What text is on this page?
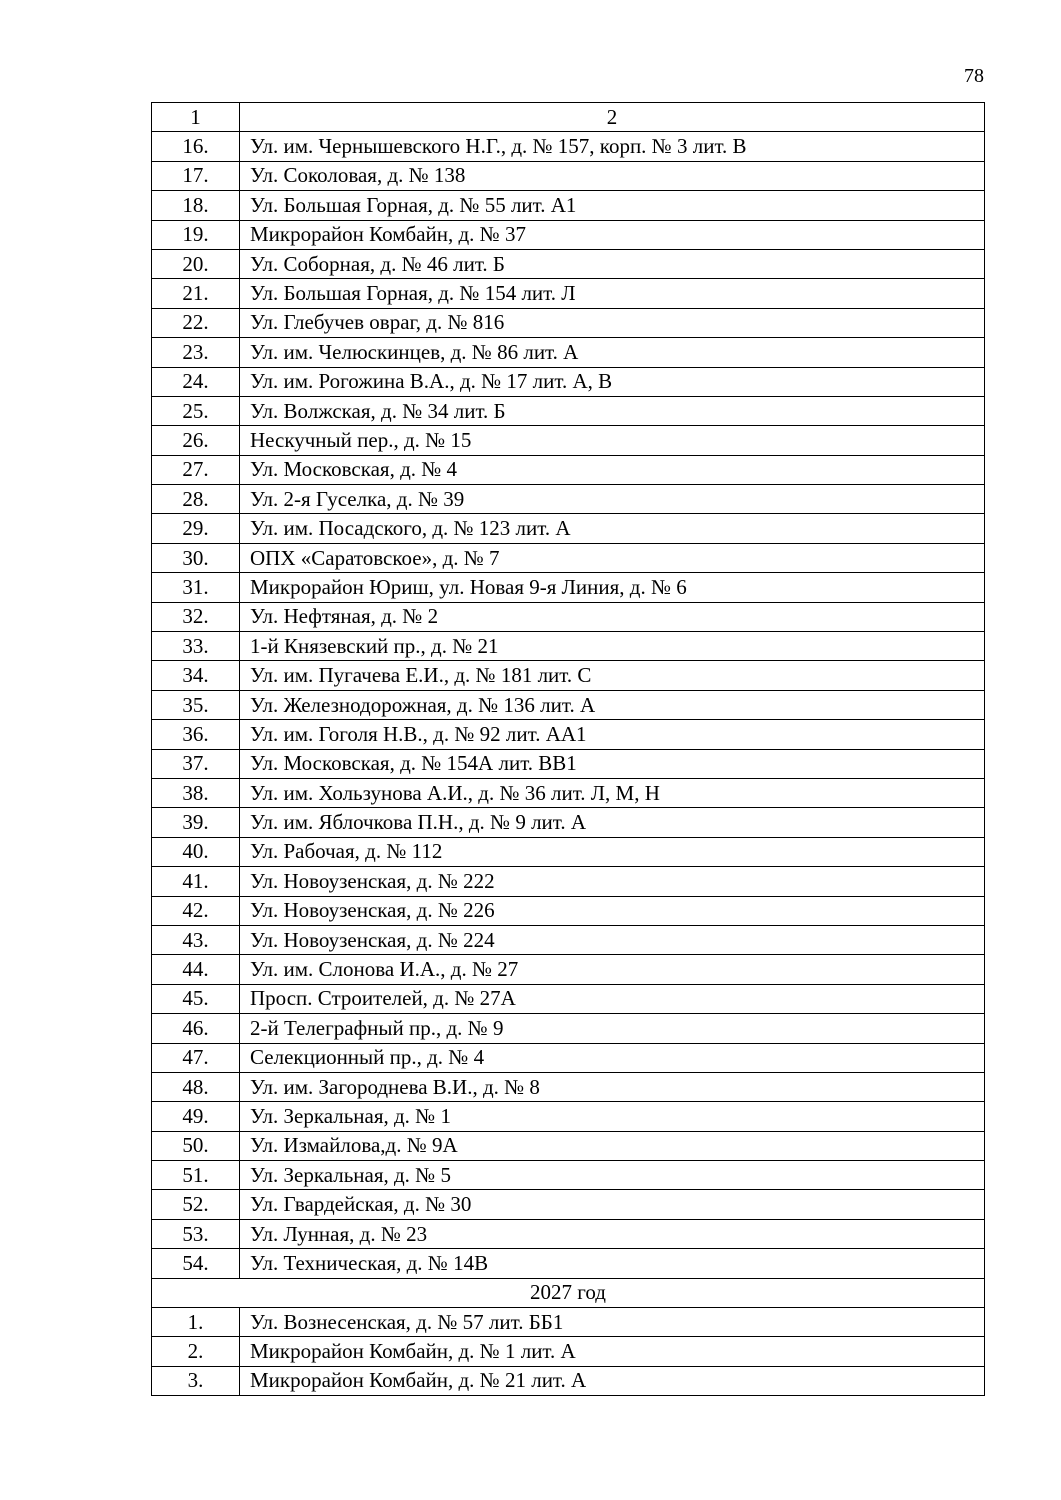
78
1	2
16.	Ул. им. Чернышевского Н.Г., д. № 157, корп. № 3 лит. В
17.	Ул. Соколовая, д. № 138
18.	Ул. Большая Горная, д. № 55 лит. А1
19.	Микрорайон Комбайн, д. № 37
20.	Ул. Соборная, д. № 46 лит. Б
21.	Ул. Большая Горная, д. № 154 лит. Л
22.	Ул. Глебучев овраг, д. № 816
23.	Ул. им. Челюскинцев, д. № 86 лит. А
24.	Ул. им. Рогожина В.А., д. № 17 лит. А, В
25.	Ул. Волжская, д. № 34 лит. Б
26.	Нескучный пер., д. № 15
27.	Ул. Московская, д. № 4
28.	Ул. 2-я Гуселка, д. № 39
29.	Ул. им. Посадского, д. № 123 лит. А
30.	ОПХ «Саратовское», д. № 7
31.	Микрорайон Юриш, ул. Новая 9-я Линия, д. № 6
32.	Ул. Нефтяная, д. № 2
33.	1-й Князевский пр., д. № 21
34.	Ул. им. Пугачева Е.И., д. № 181 лит. С
35.	Ул. Железнодорожная, д. № 136 лит. А
36.	Ул. им. Гоголя Н.В., д. № 92 лит. АА1
37.	Ул. Московская, д. № 154А лит. ВВ1
38.	Ул. им. Хользунова А.И., д. № 36 лит. Л, М, Н
39.	Ул. им. Яблочкова П.Н., д. № 9 лит. А
40.	Ул. Рабочая, д. № 112
41.	Ул. Новоузенская, д. № 222
42.	Ул. Новоузенская, д. № 226
43.	Ул. Новоузенская, д. № 224
44.	Ул. им. Слонова И.А., д. № 27
45.	Просп. Строителей, д. № 27А
46.	2-й Телеграфный пр., д. № 9
47.	Селекционный пр., д. № 4
48.	Ул. им. Загороднева В.И., д. № 8
49.	Ул. Зеркальная, д. № 1
50.	Ул. Измайлова,д. № 9А
51.	Ул. Зеркальная, д. № 5
52.	Ул. Гвардейская, д. № 30
53.	Ул. Лунная, д. № 23
54.	Ул. Техническая, д. № 14В
2027 год	
1.	Ул. Вознесенская, д. № 57 лит. ББ1
2.	Микрорайон Комбайн, д. № 1 лит. А
3.	Микрорайон Комбайн, д. № 21 лит. А
